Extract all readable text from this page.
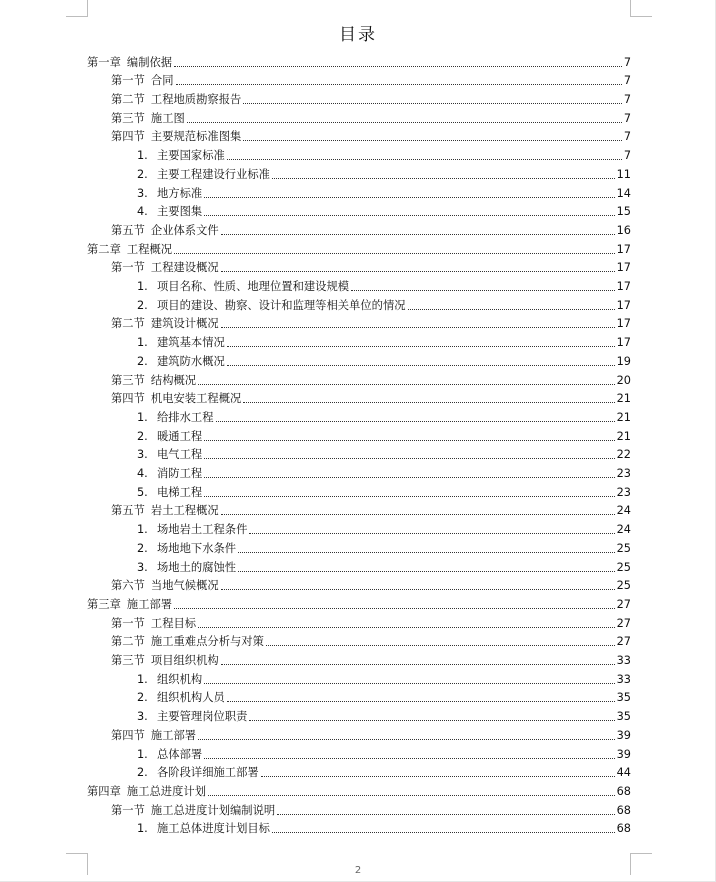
目录
第一章 编制依据	7
第一节 合同	7
第二节 工程地质勘察报告	7
第三节 施工图	7
第四节 主要规范标准图集	7
1. 主要国家标准	7
2. 主要工程建设行业标准	11
3. 地方标准	14
4. 主要图集	15
第五节 企业体系文件	16
第二章 工程概况	17
第一节 工程建设概况	17
1. 项目名称、性质、地理位置和建设规模	17
2. 项目的建设、勘察、设计和监理等相关单位的情况	17
第二节 建筑设计概况	17
1. 建筑基本情况	17
2. 建筑防水概况	19
第三节 结构概况	20
第四节 机电安装工程概况	21
1. 给排水工程	21
2. 暖通工程	21
3. 电气工程	22
4. 消防工程	23
5. 电梯工程	23
第五节 岩土工程概况	24
1. 场地岩土工程条件	24
2. 场地地下水条件	25
3. 场地土的腐蚀性	25
第六节 当地气候概况	25
第三章 施工部署	27
第一节 工程目标	27
第二节 施工重难点分析与对策	27
第三节 项目组织机构	33
1. 组织机构	33
2. 组织机构人员	35
3. 主要管理岗位职责	35
第四节 施工部署	39
1. 总体部署	39
2. 各阶段详细施工部署	44
第四章 施工总进度计划	68
第一节 施工总进度计划编制说明	68
1. 施工总体进度计划目标	68
2
